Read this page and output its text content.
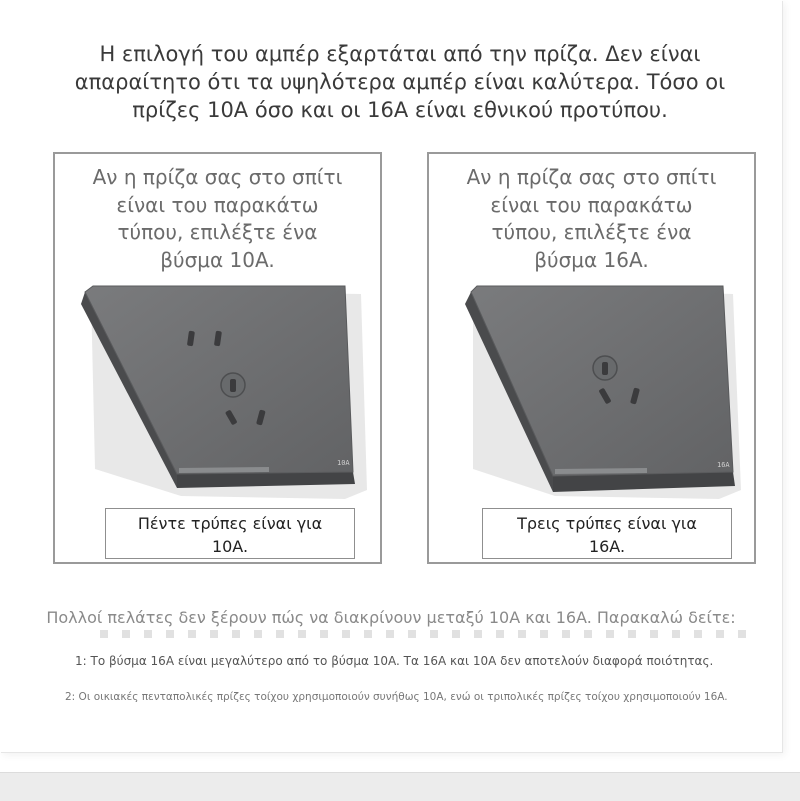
Η επιλογή του αμπέρ εξαρτάται από την πρίζα. Δεν είναι
απαραίτητο ότι τα υψηλότερα αμπέρ είναι καλύτερα. Τόσο οι
πρίζες 10A όσο και οι 16A είναι εθνικού προτύπου.
Αν η πρίζα σας στο σπίτι
είναι του παρακάτω
τύπου, επιλέξτε ένα
βύσμα 10A.
10A
Πέντε τρύπες είναι για
10A.
Αν η πρίζα σας στο σπίτι
είναι του παρακάτω
τύπου, επιλέξτε ένα
βύσμα 16A.
16A
Τρεις τρύπες είναι για
16A.
Πολλοί πελάτες δεν ξέρουν πώς να διακρίνουν μεταξύ 10A και 16A. Παρακαλώ δείτε:
1: Το βύσμα 16A είναι μεγαλύτερο από το βύσμα 10A. Τα 16A και 10A δεν αποτελούν διαφορά ποιότητας.
2: Οι οικιακές πενταπολικές πρίζες τοίχου χρησιμοποιούν συνήθως 10A, ενώ οι τριπολικές πρίζες τοίχου χρησιμοποιούν 16A.
